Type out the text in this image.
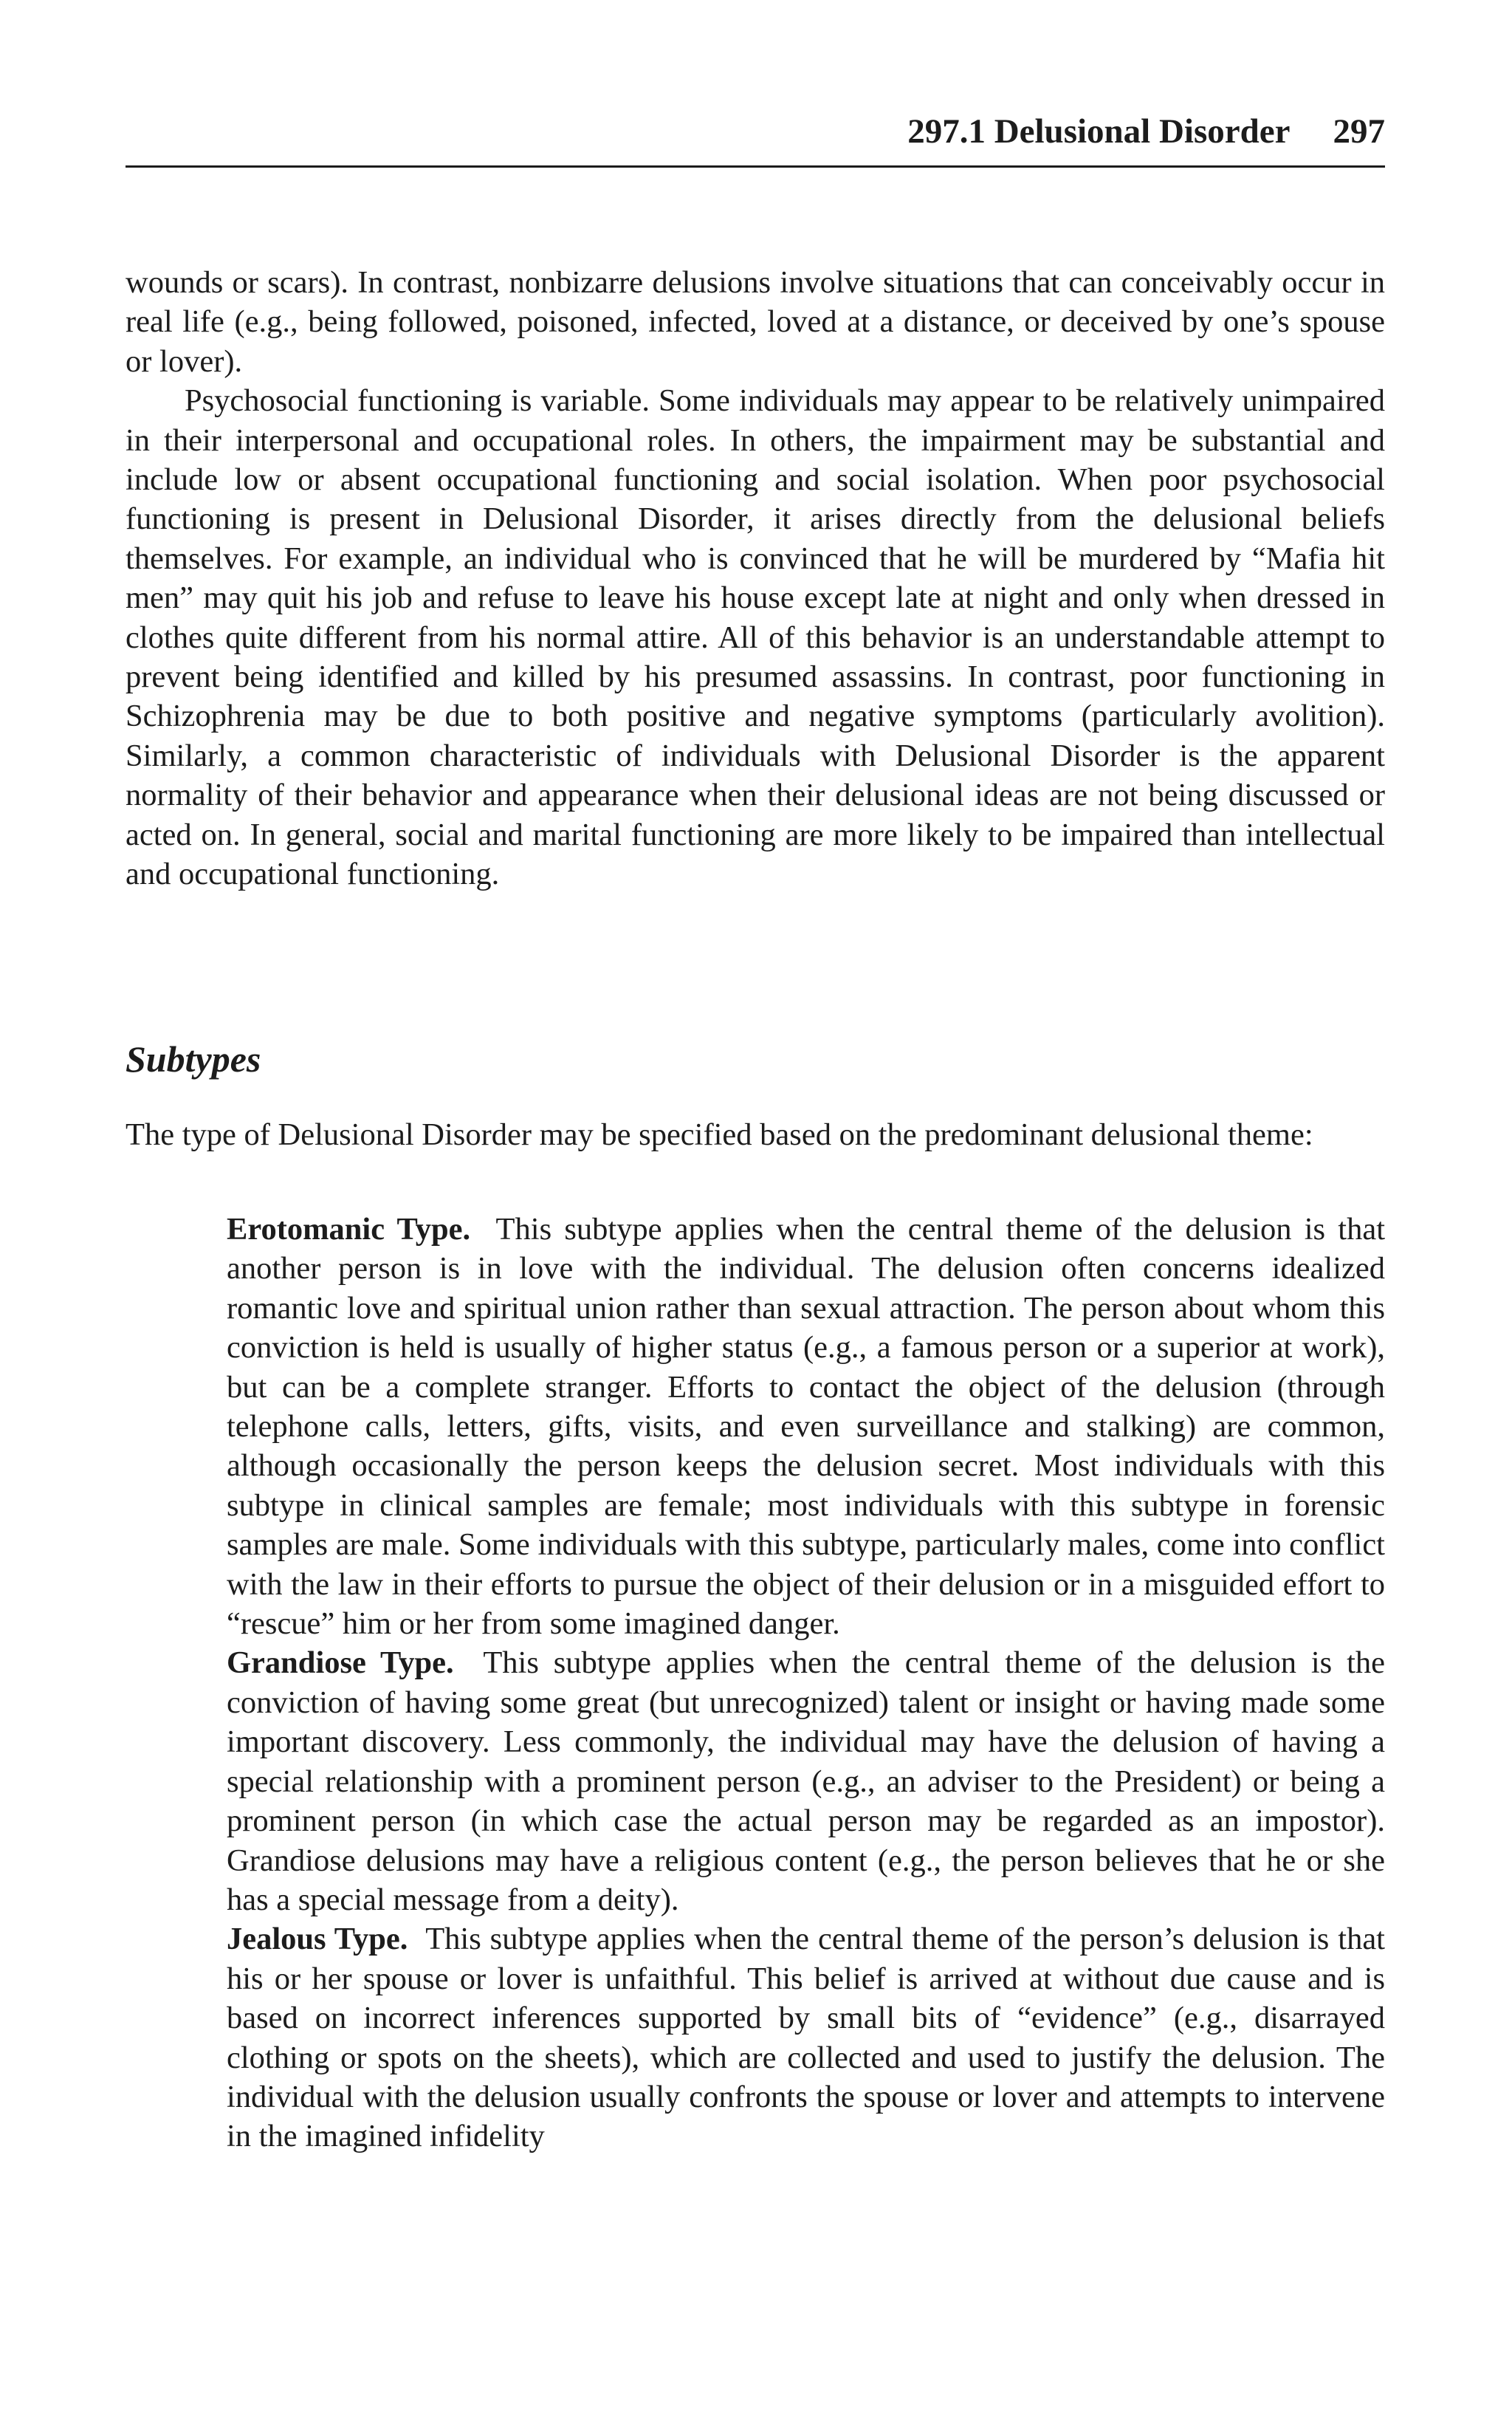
297.1 Delusional Disorder 297

wounds or scars). In contrast, nonbizarre delusions involve situations that can conceivably occur in real life (e.g., being followed, poisoned, infected, loved at a distance, or deceived by one’s spouse or lover).

Psychosocial functioning is variable. Some individuals may appear to be relatively unimpaired in their interpersonal and occupational roles. In others, the impairment may be substantial and include low or absent occupational functioning and social isolation. When poor psychosocial functioning is present in Delusional Disorder, it arises directly from the delusional beliefs themselves. For example, an individual who is convinced that he will be murdered by “Mafia hit men” may quit his job and refuse to leave his house except late at night and only when dressed in clothes quite different from his normal attire. All of this behavior is an understandable attempt to prevent being identified and killed by his presumed assassins. In contrast, poor functioning in Schizophrenia may be due to both positive and negative symptoms (particularly avolition). Similarly, a common characteristic of individuals with Delusional Disorder is the apparent normality of their behavior and appearance when their delusional ideas are not being discussed or acted on. In general, social and marital functioning are more likely to be impaired than intellectual and occupational functioning.

Subtypes

The type of Delusional Disorder may be specified based on the predominant delusional theme:

Erotomanic Type. This subtype applies when the central theme of the delusion is that another person is in love with the individual. The delusion often concerns idealized romantic love and spiritual union rather than sexual attraction. The person about whom this conviction is held is usually of higher status (e.g., a famous person or a superior at work), but can be a complete stranger. Efforts to contact the object of the delusion (through telephone calls, letters, gifts, visits, and even surveillance and stalking) are common, although occasionally the person keeps the delusion secret. Most individuals with this subtype in clinical samples are female; most individuals with this subtype in forensic samples are male. Some individuals with this subtype, particularly males, come into conflict with the law in their efforts to pursue the object of their delusion or in a misguided effort to “rescue” him or her from some imagined danger.

Grandiose Type. This subtype applies when the central theme of the delusion is the conviction of having some great (but unrecognized) talent or insight or having made some important discovery. Less commonly, the individual may have the delusion of having a special relationship with a prominent person (e.g., an adviser to the President) or being a prominent person (in which case the actual person may be regarded as an impostor). Grandiose delusions may have a religious content (e.g., the person believes that he or she has a special message from a deity).

Jealous Type. This subtype applies when the central theme of the person’s delusion is that his or her spouse or lover is unfaithful. This belief is arrived at without due cause and is based on incorrect inferences supported by small bits of “evidence” (e.g., disarrayed clothing or spots on the sheets), which are collected and used to justify the delusion. The individual with the delusion usually confronts the spouse or lover and attempts to intervene in the imagined infidelity
